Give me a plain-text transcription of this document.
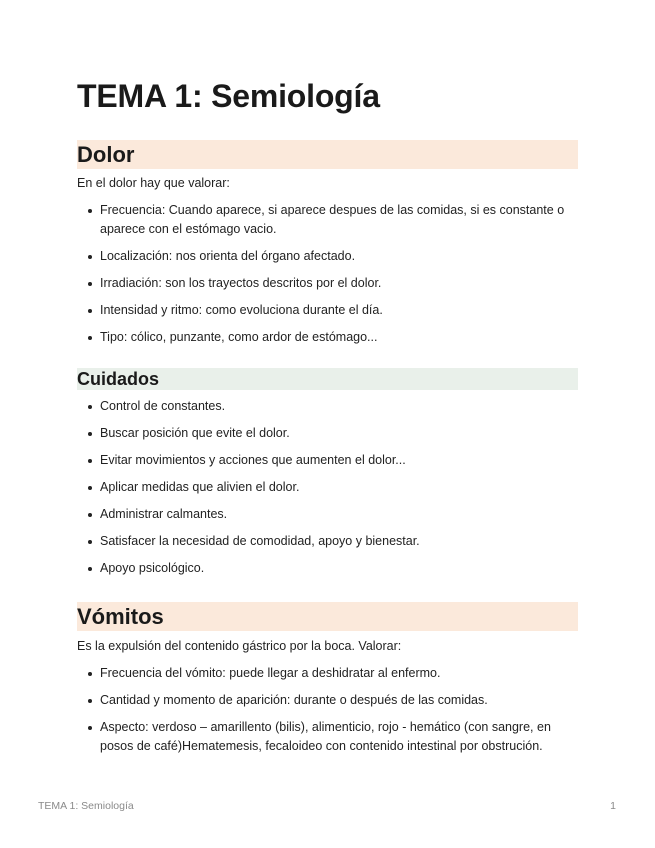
TEMA 1: Semiología
Dolor

En el dolor hay que valorar:

Frecuencia: Cuando aparece, si aparece despues de las comidas, si es constante o aparece con el estómago vacio.
Localización: nos orienta del órgano afectado.
Irradiación: son los trayectos descritos por el dolor.
Intensidad y ritmo: como evoluciona durante el día.
Tipo: cólico, punzante, como ardor de estómago...
Cuidados
Control de constantes.
Buscar posición que evite el dolor.
Evitar movimientos y acciones que aumenten el dolor...
Aplicar medidas que alivien el dolor.
Administrar calmantes.
Satisfacer la necesidad de comodidad, apoyo y bienestar.
Apoyo psicológico.
Vómitos

Es la expulsión del contenido gástrico por la boca. Valorar:

Frecuencia del vómito: puede llegar a deshidratar al enfermo.
Cantidad y momento de aparición: durante o después de las comidas.
Aspecto: verdoso – amarillento (bilis), alimenticio, rojo - hemático (con sangre, en posos de café)Hematemesis, fecaloideo con contenido intestinal por obstrución.
TEMA 1: Semiología	1
